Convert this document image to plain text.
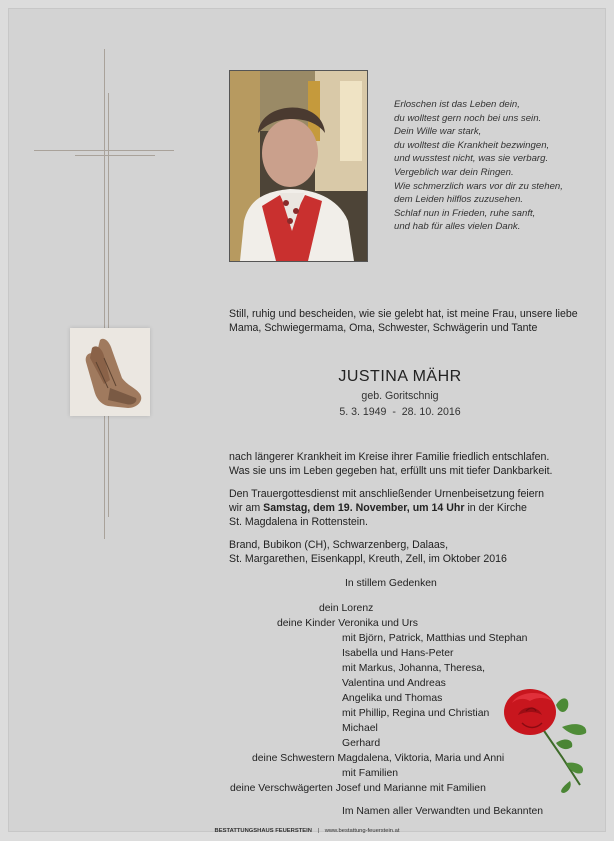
Erloschen ist das Leben dein,
du wolltest gern noch bei uns sein.
Dein Wille war stark,
du wolltest die Krankheit bezwingen,
und wusstest nicht, was sie verbarg.
Vergeblich war dein Ringen.
Wie schmerzlich wars vor dir zu stehen,
dem Leiden hilflos zuzusehen.
Schlaf nun in Frieden, ruhe sanft,
und hab für alles vielen Dank.
Still, ruhig und bescheiden, wie sie gelebt hat, ist meine Frau, unsere liebe
Mama, Schwiegermama, Oma, Schwester, Schwägerin und Tante
JUSTINA MÄHR
geb. Goritschnig
5. 3. 1949  -  28. 10. 2016
nach längerer Krankheit im Kreise ihrer Familie friedlich entschlafen.
Was sie uns im Leben gegeben hat, erfüllt uns mit tiefer Dankbarkeit.
Den Trauergottesdienst mit anschließender Urnenbeisetzung feiern
wir am Samstag, dem 19. November, um 14 Uhr in der Kirche
St. Magdalena in Rottenstein.
Brand, Bubikon (CH), Schwarzenberg, Dalaas,
St. Margarethen, Eisenkappl, Kreuth, Zell, im Oktober 2016
In stillem Gedenken
dein Lorenz
deine Kinder Veronika und Urs
mit Björn, Patrick, Matthias und Stephan
Isabella und Hans-Peter
mit Markus, Johanna, Theresa,
Valentina und Andreas
Angelika und Thomas
mit Phillip, Regina und Christian
Michael
Gerhard
deine Schwestern Magdalena, Viktoria, Maria und Anni
mit Familien
deine Verschwägerten Josef und Marianne mit Familien
Im Namen aller Verwandten und Bekannten
BESTATTUNGSHAUS FEUERSTEIN | www.bestattung-feuerstein.at
